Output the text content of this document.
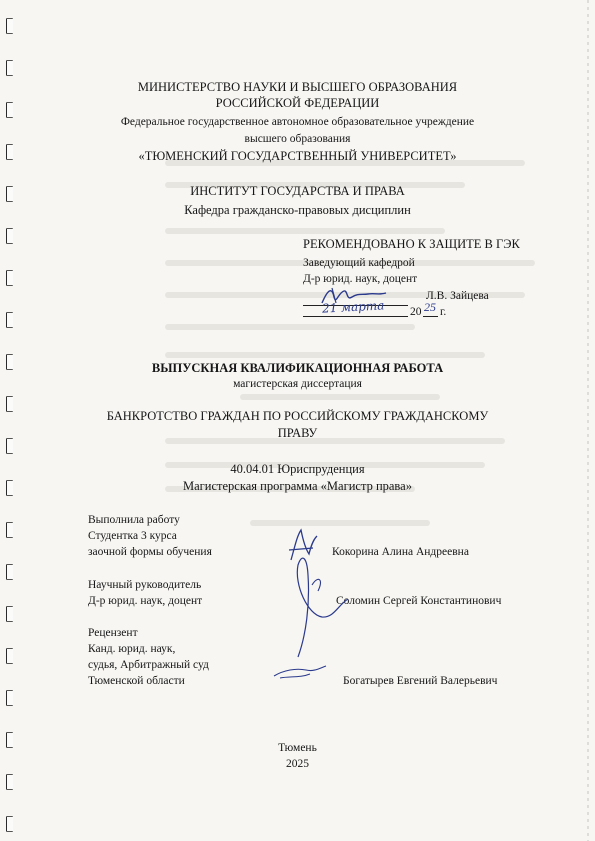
МИНИСТЕРСТВО НАУКИ И ВЫСШЕГО ОБРАЗОВАНИЯ
РОССИЙСКОЙ ФЕДЕРАЦИИ
Федеральное государственное автономное образовательное учреждение
высшего образования
«ТЮМЕНСКИЙ ГОСУДАРСТВЕННЫЙ УНИВЕРСИТЕТ»
ИНСТИТУТ ГОСУДАРСТВА И ПРАВА
Кафедра гражданско-правовых дисциплин
РЕКОМЕНДОВАНО К ЗАЩИТЕ В ГЭК
Заведующий кафедрой
Д-р юрид. наук, доцент
Л.В. Зайцева
21 марта 20 25 г.
ВЫПУСКНАЯ КВАЛИФИКАЦИОННАЯ РАБОТА
магистерская диссертация
БАНКРОТСТВО ГРАЖДАН ПО РОССИЙСКОМУ ГРАЖДАНСКОМУ
ПРАВУ
40.04.01 Юриспруденция
Магистерская программа «Магистр права»
Выполнила работу
Студентка 3 курса
заочной формы обучения	Кокорина Алина Андреевна
Научный руководитель
Д-р юрид. наук, доцент	Соломин Сергей Константинович
Рецензент
Канд. юрид. наук,
судья, Арбитражный суд
Тюменской области	Богатырев Евгений Валерьевич
Тюмень
2025
